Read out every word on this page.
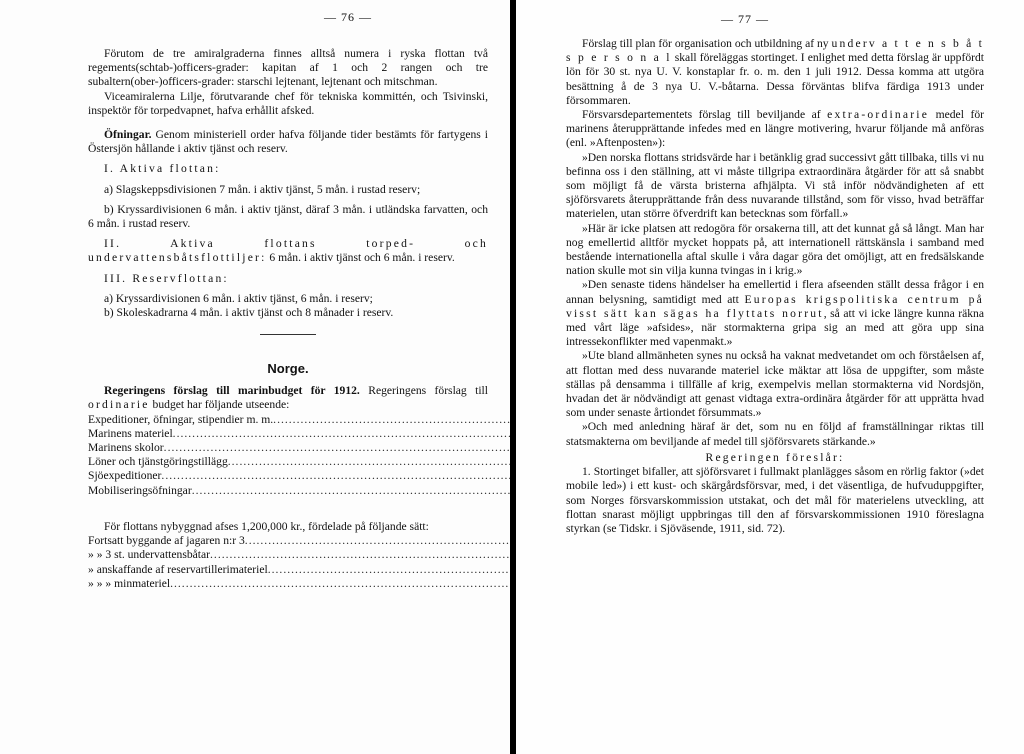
— 76 —

Förutom de tre amiralgraderna finnes alltså numera i ryska flottan två regements(schtab-)officers-grader: kapitan af 1 och 2 rangen och tre subaltern(ober-)officers-grader: starschi lejtenant, lejtenant och mitschman.

Viceamiralerna Lilje, förutvarande chef för tekniska kommittén, och Tsivinski, inspektör för torpedvapnet, hafva erhållit afsked.

Öfningar. Genom ministeriell order hafva följande tider bestämts för fartygens i Östersjön hållande i aktiv tjänst och reserv.

I. Aktiva flottan:

a) Slagskeppsdivisionen 7 mån. i aktiv tjänst, 5 mån. i rustad reserv;

b) Kryssardivisionen 6 mån. i aktiv tjänst, däraf 3 mån. i utländska farvatten, och 6 mån. i rustad reserv.

II. Aktiva flottans torped- och undervattensbåtsflottiljer: 6 mån. i aktiv tjänst och 6 mån. i reserv.

III. Reservflottan:

a) Kryssardivisionen 6 mån. i aktiv tjänst, 6 mån. i reserv;

b) Skoleskadrarna 4 mån. i aktiv tjänst och 8 månader i reserv.

Norge.

Regeringens förslag till marinbudget för 1912. Regeringens förslag till ordinarie budget har följande utseende:

Expeditioner, öfningar, stipendier m. m.
.....

Marinens materiel
.....

Marinens skolor
.....

Löner och tjänstgöringstillägg
.....

Sjöexpeditioner
.....

Mobiliseringsöfningar
.....

För flottans nybyggnad afses 1,200,000 kr., fördelade på följande sätt:

Fortsatt byggande af jagaren n:r 3
.....

» » 3 st. undervattensbåtar
.....

» anskaffande af reservartillerimateriel
.....

» » » minmateriel
.....

— 77 —

Förslag till plan för organisation och utbildning af ny underv a t t e n s b å t s p e r s o n a l skall föreläggas stortinget. I enlighet med detta förslag är uppfördt lön för 30 st. nya U. V. konstaplar fr. o. m. den 1 juli 1912. Dessa komma att utgöra besättning å de 3 nya U. V.-båtarna. Dessa förväntas blifva färdiga 1913 under försommaren.

Försvarsdepartementets förslag till beviljande af extra-ordinarie medel för marinens återupprättande infedes med en längre motivering, hvarur följande må anföras (enl. »Aftenposten»):

»Den norska flottans stridsvärde har i betänklig grad successivt gått tillbaka, tills vi nu befinna oss i den ställning, att vi måste tillgripa extraordinära åtgärder för att så snabbt som möjligt få de värsta bristerna afhjälpta. Vi stå inför nödvändigheten af ett sjöförsvarets återupprättande från dess nuvarande tillstånd, som för visso, hvad beträffar materielen, utan större öfverdrift kan betecknas som förfall.»

»Här är icke platsen att redogöra för orsakerna till, att det kunnat gå så långt. Man har nog emellertid alltför mycket hoppats på, att internationell rättskänsla i samband med bestående internationella aftal skulle i våra dagar göra det omöjligt, att en fredsälskande nation skulle mot sin vilja kunna tvingas in i krig.»

»Den senaste tidens händelser ha emellertid i flera afseenden ställt dessa frågor i en annan belysning, samtidigt med att Europas krigspolitiska centrum på visst sätt kan sägas ha flyttats norrut, så att vi icke längre kunna räkna med vårt läge »afsides», när stormakterna gripa sig an med att göra upp sina intressekonflikter med vapenmakt.»

»Ute bland allmänheten synes nu också ha vaknat medvetandet om och förståelsen af, att flottan med dess nuvarande materiel icke mäktar att lösa de uppgifter, som måste ställas på densamma i tillfälle af krig, exempelvis mellan stormakterna vid Nordsjön, hvadan det är nödvändigt att genast vidtaga extra-ordinära åtgärder för att upprätta hvad som under senaste årtiondet försummats.»

»Och med anledning häraf är det, som nu en följd af framställningar riktas till statsmakterna om beviljande af medel till sjöförsvarets stärkande.»

Regeringen föreslår:

1. Stortinget bifaller, att sjöförsvaret i fullmakt planlägges såsom en rörlig faktor (»det mobile led») i ett kust- och skärgårdsförsvar, med, i det väsentliga, de hufvuduppgifter, som Norges försvarskommission utstakat, och det mål för materielens utveckling, att flottan snarast möjligt uppbringas till den af försvarskommissionen 1910 föreslagna styrkan (se Tidskr. i Sjöväsende, 1911, sid. 72).
